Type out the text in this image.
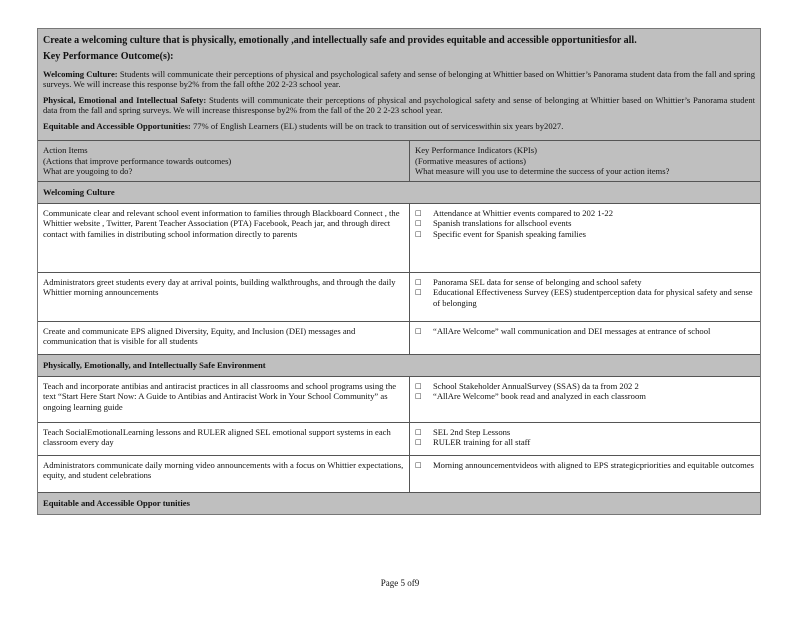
Create a welcoming culture that is physically, emotionally ,and intellectually safe and provides equitable and accessible opportunitiesfor all.
Key Performance Outcome(s):
Welcoming Culture: Students will communicate their perceptions of physical and psychological safety and sense of belonging at Whittier based on Whittier’s Panorama student data from the fall and spring surveys. We will increase this response by2% from the fall ofthe 202 2-23 school year.
Physical, Emotional and Intellectual Safety: Students will communicate their perceptions of physical and psychological safety and sense of belonging at Whittier based on Whittier’s Panorama student data from the fall and spring surveys. We will increase thisresponse by2% from the fall of the 20 2 2-23 school year.
Equitable and Accessible Opportunities: 77% of English Learners (EL) students will be on track to transition out of serviceswithin six years by2027.
Action Items
(Actions that improve performance towards outcomes)
What are yougoing to do?
Key Performance Indicators (KPIs)
(Formative measures of actions)
What measure will you use to determine the success of your action items?
Welcoming Culture
Communicate clear and relevant school event information to families through Blackboard Connect , the Whittier website , Twitter, Parent Teacher Association (PTA) Facebook, Peach jar, and through direct contact with families in distributing school information directly to parents
□	Attendance at Whittier events compared to 202 1-22
□	Spanish translations for allschool events
□	Specific event for Spanish speaking families
Administrators greet students every day at arrival points, building walkthroughs, and through the daily Whittier morning announcements
□	Panorama SEL data for sense of belonging and school safety
□	Educational Effectiveness Survey (EES) studentperception data for physical safety and sense of belonging
Create and communicate EPS aligned Diversity, Equity, and Inclusion (DEI) messages and communication that is visible for all students
□	“AllAre Welcome” wall communication and DEI messages at entrance of school
Physically, Emotionally, and Intellectually Safe Environment
Teach and incorporate antibias and antiracist practices in all classrooms and school programs using the text “Start Here Start Now: A Guide to Antibias and Antiracist Work in Your School Community” as ongoing learning guide
□	School Stakeholder AnnualSurvey (SSAS) da ta from 202 2
□	“AllAre Welcome” book read and analyzed in each classroom
Teach SocialEmotionalLearning lessons and RULER aligned SEL emotional support systems in each classroom every day
□	SEL 2nd Step Lessons
□	RULER training for all staff
Administrators communicate daily morning video announcements with a focus on Whittier expectations, equity, and student celebrations
□	Morning announcementvideos with aligned to EPS strategicpriorities and equitable outcomes
Equitable and Accessible Oppor tunities
Page 5 of9
